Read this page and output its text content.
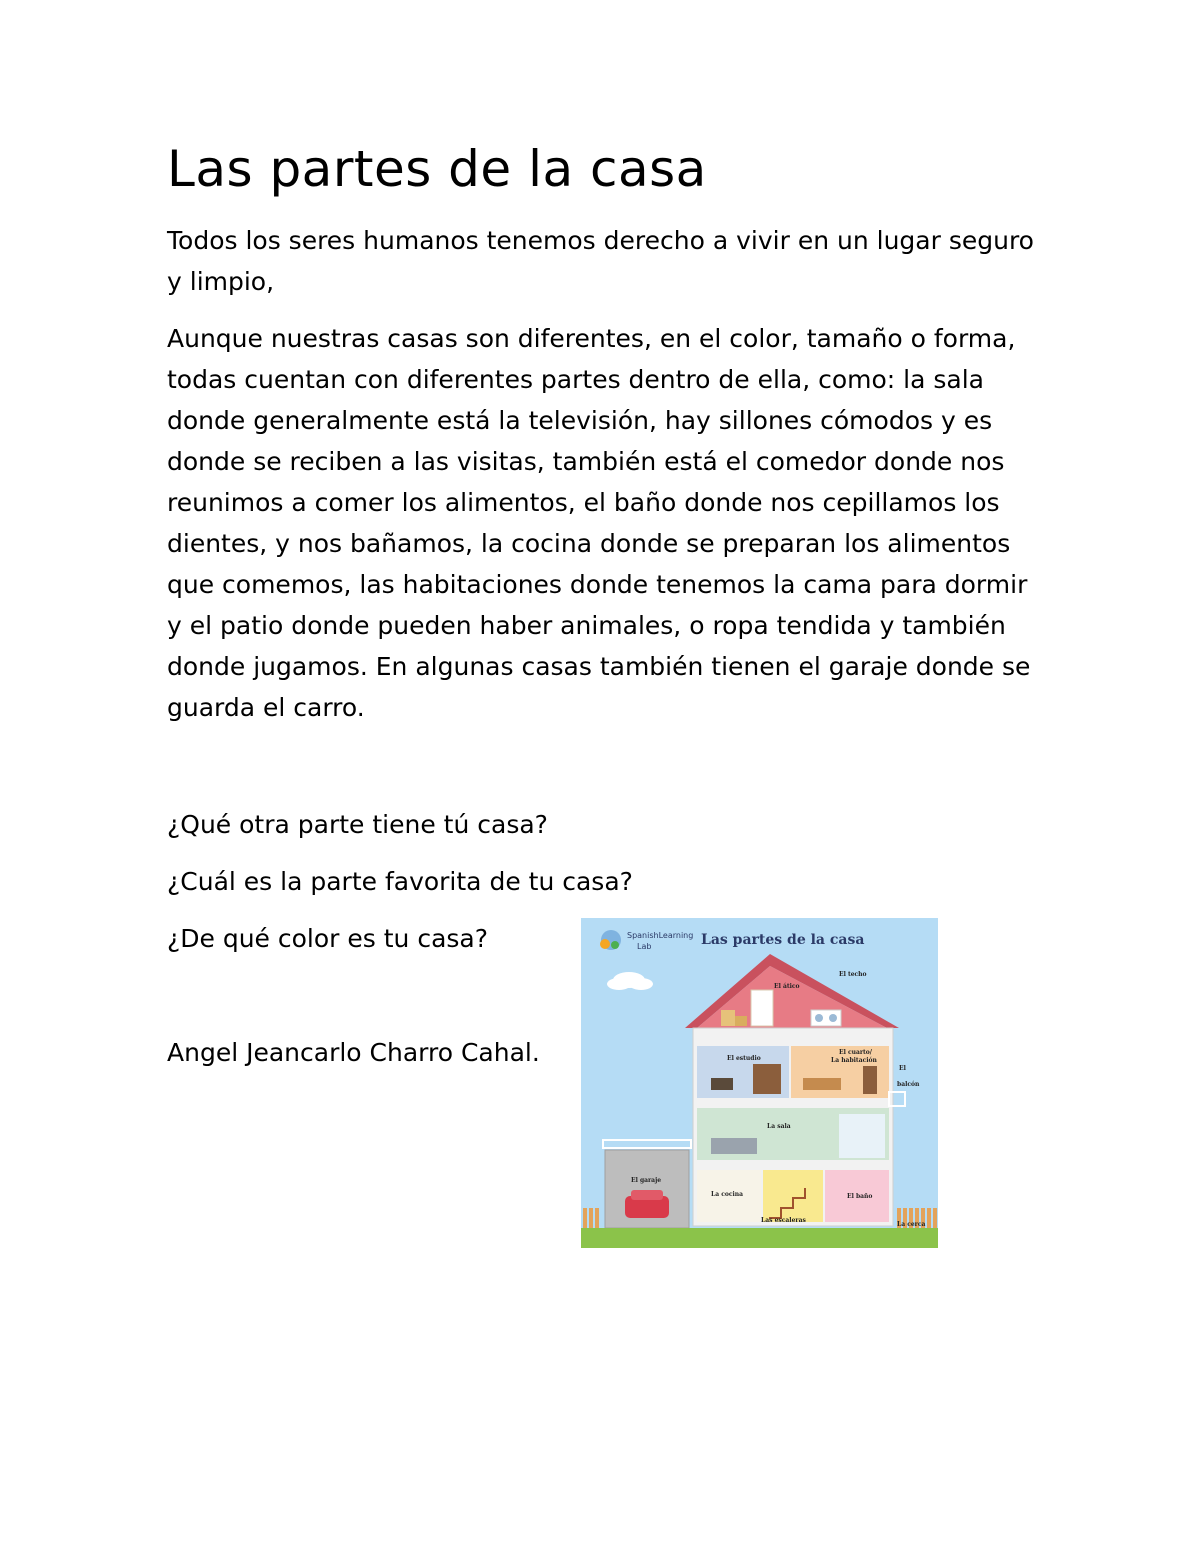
Las partes de la casa

Todos los seres humanos tenemos derecho a vivir en un lugar seguro y limpio,

Aunque nuestras casas son diferentes, en el color, tamaño o forma, todas cuentan con diferentes partes dentro de ella, como: la sala donde generalmente está la televisión, hay sillones cómodos y es donde se reciben a las visitas, también está el comedor donde nos reunimos a comer los alimentos, el baño donde nos cepillamos los dientes, y nos bañamos, la cocina donde se preparan los alimentos que comemos, las habitaciones donde tenemos la cama para dormir y el patio donde pueden haber animales, o ropa tendida y también donde jugamos. En algunas casas también tienen el garaje donde se guarda el carro.

¿Qué otra parte tiene tú casa?

¿Cuál es la parte favorita de tu casa?

¿De qué color es tu casa?

Angel Jeancarlo Charro Cahal.

SpanishLearning
Lab	Las partes de la casa
El ático
El techo
El estudio
El cuarto/
La habitación
El
balcón
La sala
La cocina
Las escaleras
El baño
El garaje
La cerca
